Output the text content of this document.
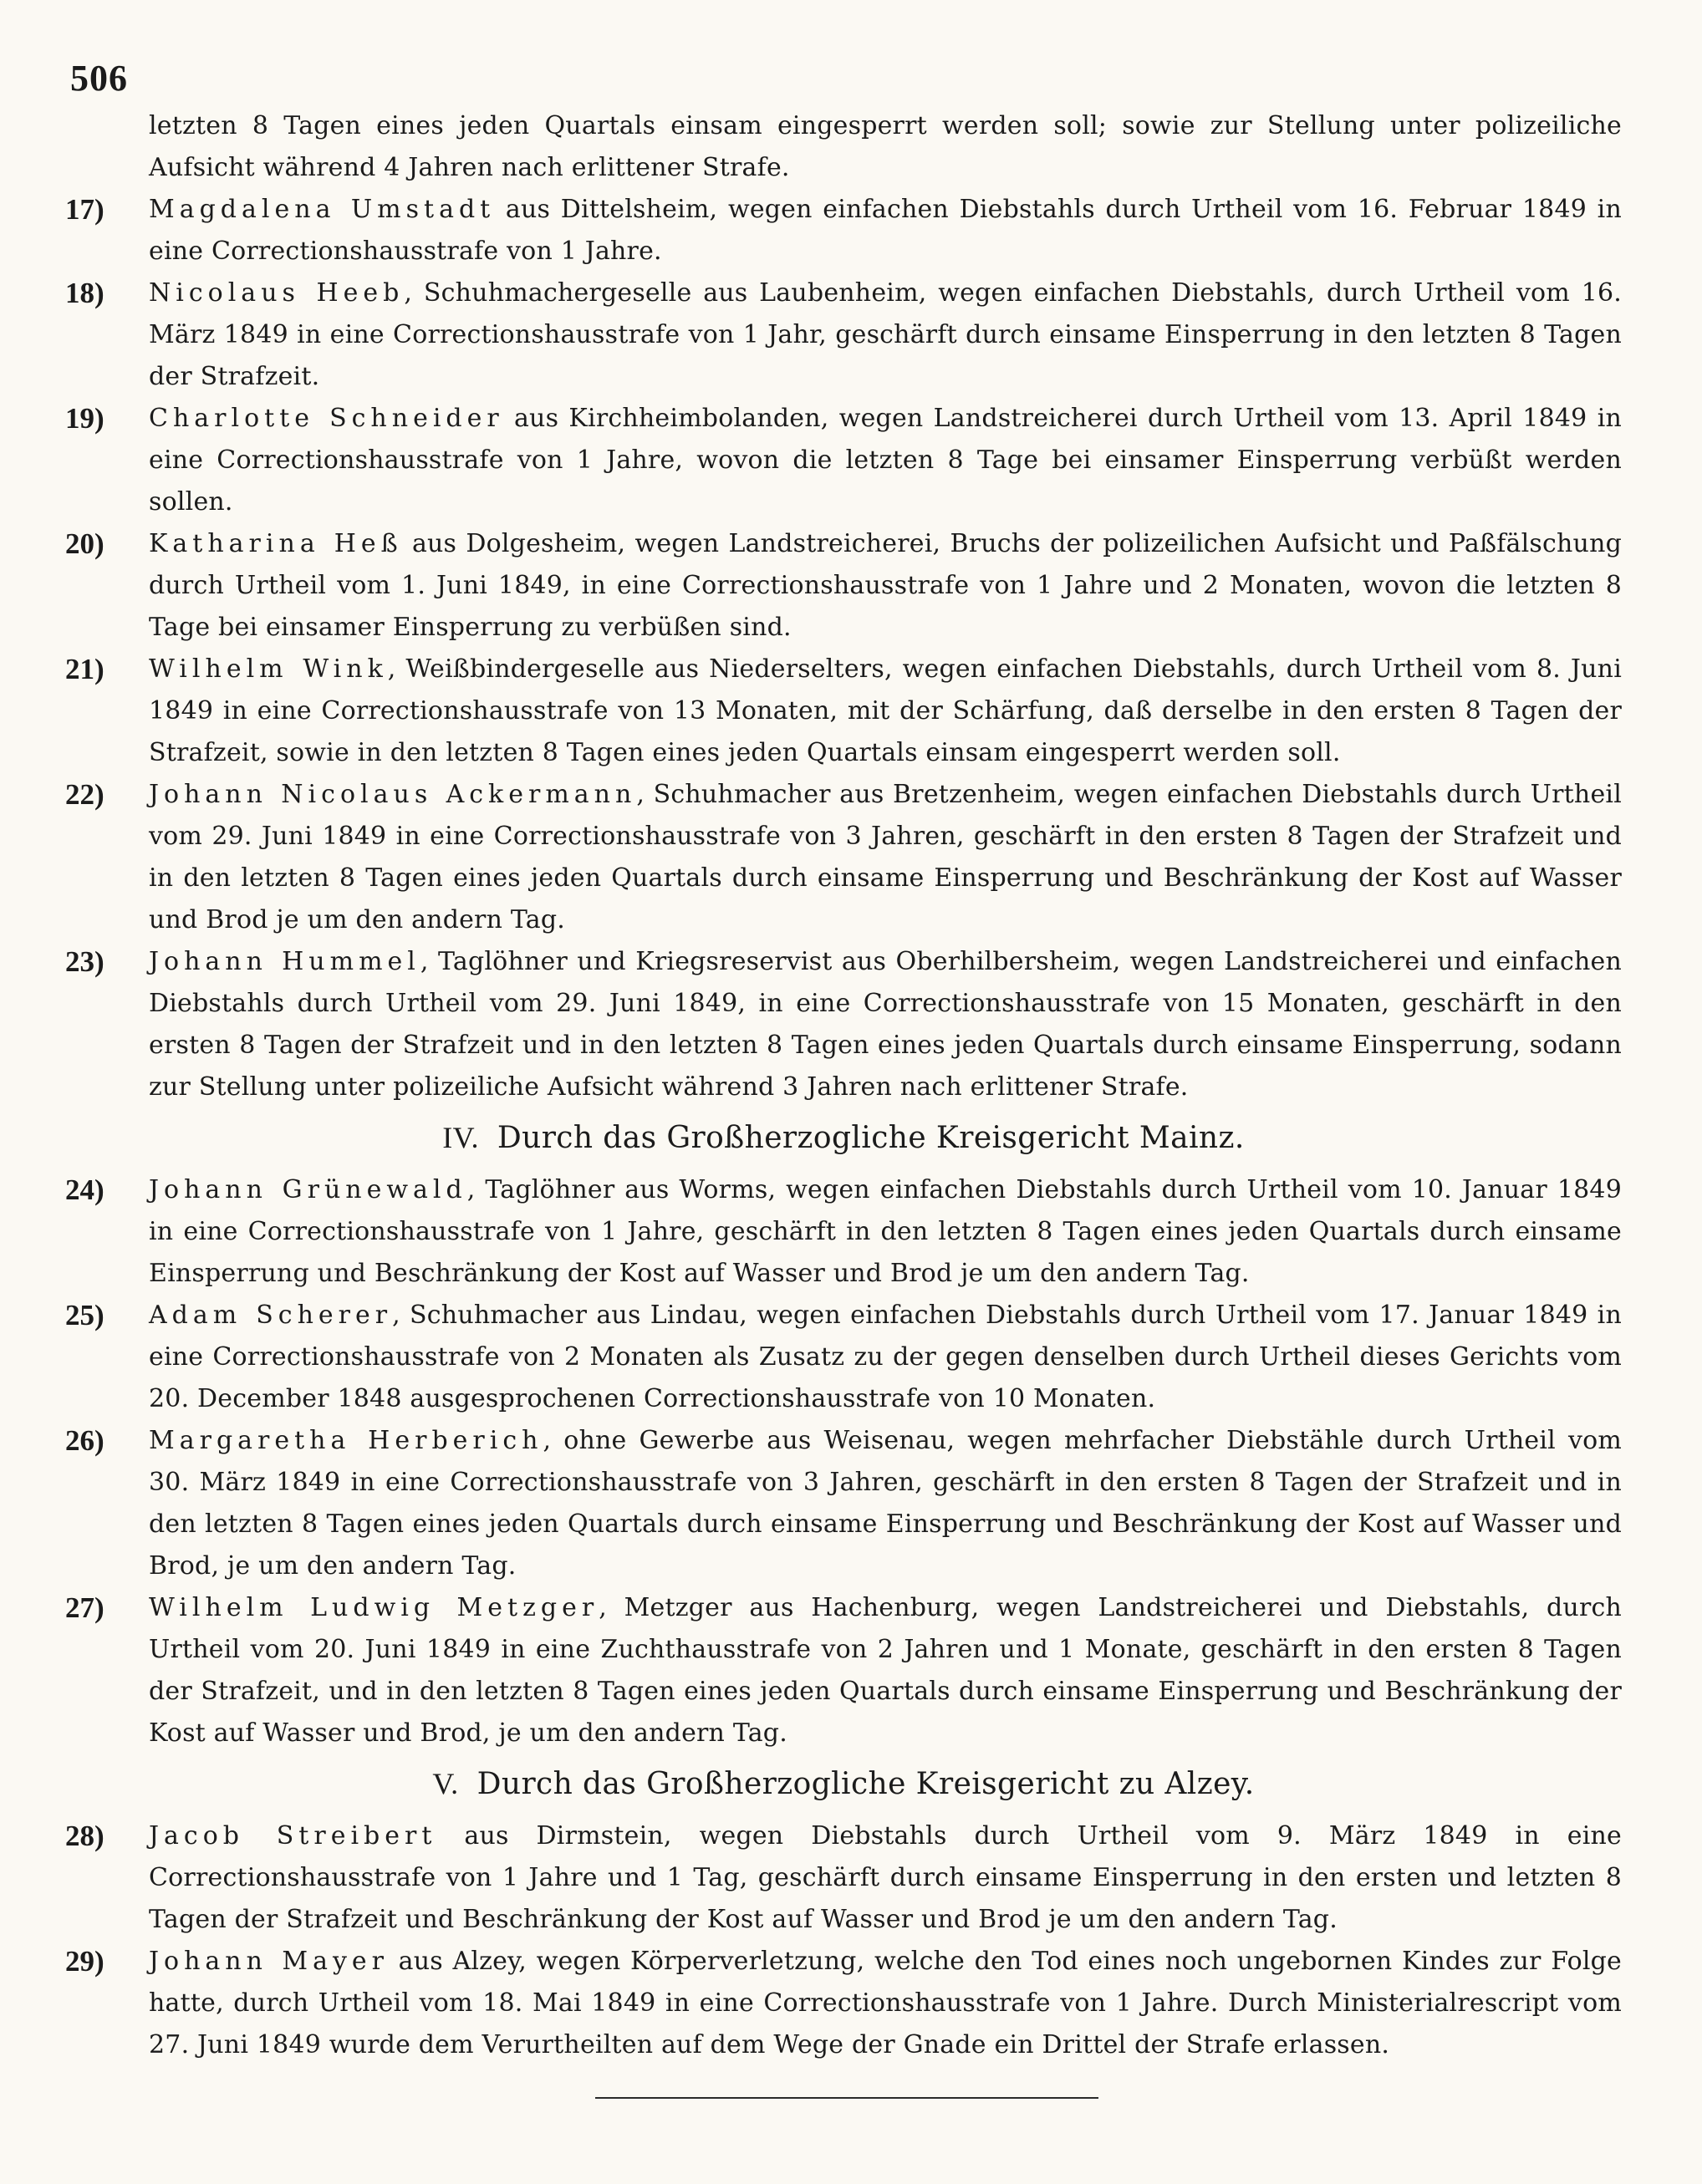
506
letzten 8 Tagen eines jeden Quartals einsam eingesperrt werden soll; sowie zur Stellung unter polizeiliche Aufsicht während 4 Jahren nach erlittener Strafe.
17)	Magdalena Umstadt aus Dittelsheim, wegen einfachen Diebstahls durch Urtheil vom 16. Februar 1849 in eine Correctionshausstrafe von 1 Jahre.
18)	Nicolaus Heeb, Schuhmachergeselle aus Laubenheim, wegen einfachen Diebstahls, durch Urtheil vom 16. März 1849 in eine Correctionshausstrafe von 1 Jahr, geschärft durch einsame Einsperrung in den letzten 8 Tagen der Strafzeit.
19)	Charlotte Schneider aus Kirchheimbolanden, wegen Landstreicherei durch Urtheil vom 13. April 1849 in eine Correctionshausstrafe von 1 Jahre, wovon die letzten 8 Tage bei einsamer Einsperrung verbüßt werden sollen.
20)	Katharina Heß aus Dolgesheim, wegen Landstreicherei, Bruchs der polizeilichen Aufsicht und Paßfälschung durch Urtheil vom 1. Juni 1849, in eine Correctionshausstrafe von 1 Jahre und 2 Monaten, wovon die letzten 8 Tage bei einsamer Einsperrung zu verbüßen sind.
21)	Wilhelm Wink, Weißbindergeselle aus Niederselters, wegen einfachen Diebstahls, durch Urtheil vom 8. Juni 1849 in eine Correctionshausstrafe von 13 Monaten, mit der Schärfung, daß derselbe in den ersten 8 Tagen der Strafzeit, sowie in den letzten 8 Tagen eines jeden Quartals einsam eingesperrt werden soll.
22)	Johann Nicolaus Ackermann, Schuhmacher aus Bretzenheim, wegen einfachen Diebstahls durch Urtheil vom 29. Juni 1849 in eine Correctionshausstrafe von 3 Jahren, geschärft in den ersten 8 Tagen der Strafzeit und in den letzten 8 Tagen eines jeden Quartals durch einsame Einsperrung und Beschränkung der Kost auf Wasser und Brod je um den andern Tag.
23)	Johann Hummel, Taglöhner und Kriegsreservist aus Oberhilbersheim, wegen Landstreicherei und einfachen Diebstahls durch Urtheil vom 29. Juni 1849, in eine Correctionshausstrafe von 15 Monaten, geschärft in den ersten 8 Tagen der Strafzeit und in den letzten 8 Tagen eines jeden Quartals durch einsame Einsperrung, sodann zur Stellung unter polizeiliche Aufsicht während 3 Jahren nach erlittener Strafe.
IV. Durch das Großherzogliche Kreisgericht Mainz.
24)	Johann Grünewald, Taglöhner aus Worms, wegen einfachen Diebstahls durch Urtheil vom 10. Januar 1849 in eine Correctionshausstrafe von 1 Jahre, geschärft in den letzten 8 Tagen eines jeden Quartals durch einsame Einsperrung und Beschränkung der Kost auf Wasser und Brod je um den andern Tag.
25)	Adam Scherer, Schuhmacher aus Lindau, wegen einfachen Diebstahls durch Urtheil vom 17. Januar 1849 in eine Correctionshausstrafe von 2 Monaten als Zusatz zu der gegen denselben durch Urtheil dieses Gerichts vom 20. December 1848 ausgesprochenen Correctionshausstrafe von 10 Monaten.
26)	Margaretha Herberich, ohne Gewerbe aus Weisenau, wegen mehrfacher Diebstähle durch Urtheil vom 30. März 1849 in eine Correctionshausstrafe von 3 Jahren, geschärft in den ersten 8 Tagen der Strafzeit und in den letzten 8 Tagen eines jeden Quartals durch einsame Einsperrung und Beschränkung der Kost auf Wasser und Brod, je um den andern Tag.
27)	Wilhelm Ludwig Metzger, Metzger aus Hachenburg, wegen Landstreicherei und Diebstahls, durch Urtheil vom 20. Juni 1849 in eine Zuchthausstrafe von 2 Jahren und 1 Monate, geschärft in den ersten 8 Tagen der Strafzeit, und in den letzten 8 Tagen eines jeden Quartals durch einsame Einsperrung und Beschränkung der Kost auf Wasser und Brod, je um den andern Tag.
V. Durch das Großherzogliche Kreisgericht zu Alzey.
28)	Jacob Streibert aus Dirmstein, wegen Diebstahls durch Urtheil vom 9. März 1849 in eine Correctionshausstrafe von 1 Jahre und 1 Tag, geschärft durch einsame Einsperrung in den ersten und letzten 8 Tagen der Strafzeit und Beschränkung der Kost auf Wasser und Brod je um den andern Tag.
29)	Johann Mayer aus Alzey, wegen Körperverletzung, welche den Tod eines noch ungebornen Kindes zur Folge hatte, durch Urtheil vom 18. Mai 1849 in eine Correctionshausstrafe von 1 Jahre. Durch Ministerialrescript vom 27. Juni 1849 wurde dem Verurtheilten auf dem Wege der Gnade ein Drittel der Strafe erlassen.
